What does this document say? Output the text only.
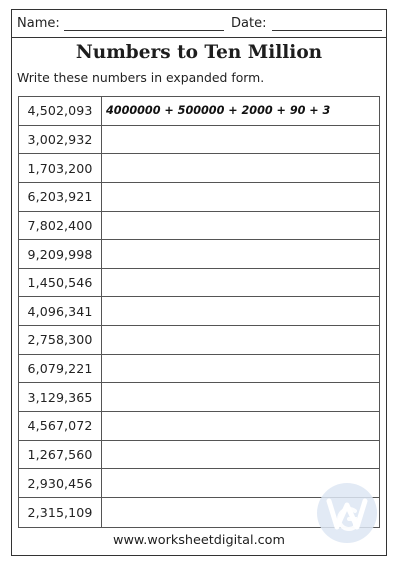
Name:	Date:
Numbers to Ten Million
Write these numbers in expanded form.
4,502,093	4000000 + 500000 + 2000 + 90 + 3
3,002,932
1,703,200
6,203,921
7,802,400
9,209,998
1,450,546
4,096,341
2,758,300
6,079,221
3,129,365
4,567,072
1,267,560
2,930,456
2,315,109
www.worksheetdigital.com
